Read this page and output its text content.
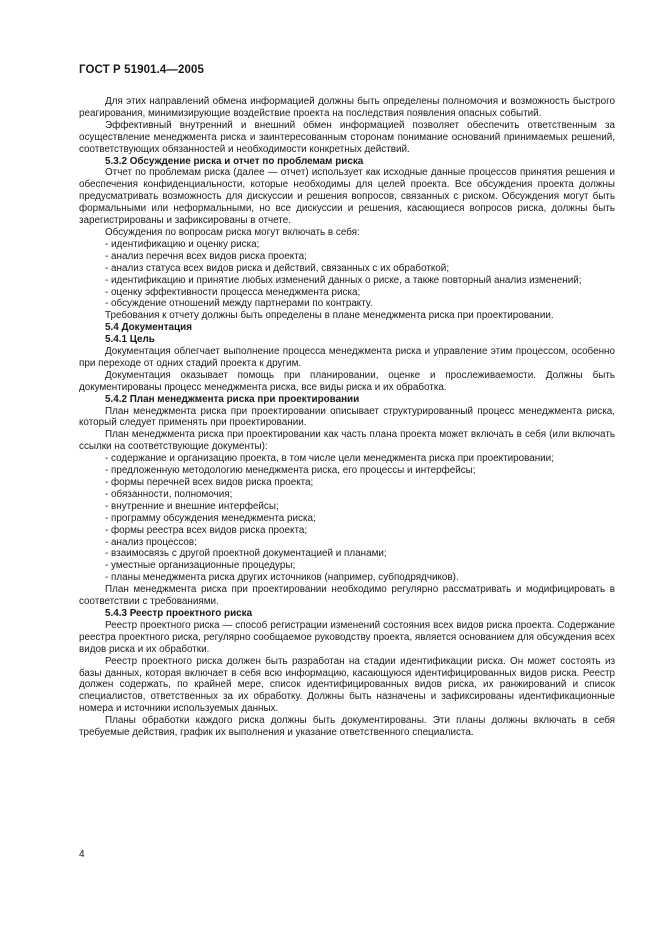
ГОСТ Р 51901.4—2005

Для этих направлений обмена информацией должны быть определены полномочия и возможность быстрого реагирования, минимизирующие воздействие проекта на последствия появления опасных событий.

Эффективный внутренний и внешний обмен информацией позволяет обеспечить ответственным за осуществление менеджмента риска и заинтересованным сторонам понимание оснований принимаемых решений, соответствующих обязанностей и необходимости конкретных действий.

5.3.2 Обсуждение риска и отчет по проблемам риска

Отчет по проблемам риска (далее — отчет) использует как исходные данные процессов принятия решения и обеспечения конфиденциальности, которые необходимы для целей проекта. Все обсуждения проекта должны предусматривать возможность для дискуссии и решения вопросов, связанных с риском. Обсуждения могут быть формальными или неформальными, но все дискуссии и решения, касающиеся вопросов риска, должны быть зарегистрированы и зафиксированы в отчете.

Обсуждения по вопросам риска могут включать в себя:

- идентификацию и оценку риска;

- анализ перечня всех видов риска проекта;

- анализ статуса всех видов риска и действий, связанных с их обработкой;

- идентификацию и принятие любых изменений данных о риске, а также повторный анализ изменений;

- оценку эффективности процесса менеджмента риска;

- обсуждение отношений между партнерами по контракту.

Требования к отчету должны быть определены в плане менеджмента риска при проектировании.

5.4 Документация

5.4.1 Цель

Документация облегчает выполнение процесса менеджмента риска и управление этим процессом, особенно при переходе от одних стадий проекта к другим.

Документация оказывает помощь при планировании, оценке и прослеживаемости. Должны быть документированы процесс менеджмента риска, все виды риска и их обработка.

5.4.2 План менеджмента риска при проектировании

План менеджмента риска при проектировании описывает структурированный процесс менеджмента риска, который следует применять при проектировании.

План менеджмента риска при проектировании как часть плана проекта может включать в себя (или включать ссылки на соответствующие документы):

- содержание и организацию проекта, в том числе цели менеджмента риска при проектировании;

- предложенную методологию менеджмента риска, его процессы и интерфейсы;

- формы перечней всех видов риска проекта;

- обязанности, полномочия;

- внутренние и внешние интерфейсы;

- программу обсуждения менеджмента риска;

- формы реестра всех видов риска проекта;

- анализ процессов;

- взаимосвязь с другой проектной документацией и планами;

- уместные организационные процедуры;

- планы менеджмента риска других источников (например, субподрядчиков).

План менеджмента риска при проектировании необходимо регулярно рассматривать и модифицировать в соответствии с требованиями.

5.4.3 Реестр проектного риска

Реестр проектного риска — способ регистрации изменений состояния всех видов риска проекта. Содержание реестра проектного риска, регулярно сообщаемое руководству проекта, является основанием для обсуждения всех видов риска и их обработки.

Реестр проектного риска должен быть разработан на стадии идентификации риска. Он может состоять из базы данных, которая включает в себя всю информацию, касающуюся идентифицированных видов риска. Реестр должен содержать, по крайней мере, список идентифицированных видов риска, их ранжирований и список специалистов, ответственных за их обработку. Должны быть назначены и зафиксированы идентификационные номера и источники используемых данных.

Планы обработки каждого риска должны быть документированы. Эти планы должны включать в себя требуемые действия, график их выполнения и указание ответственного специалиста.

4
